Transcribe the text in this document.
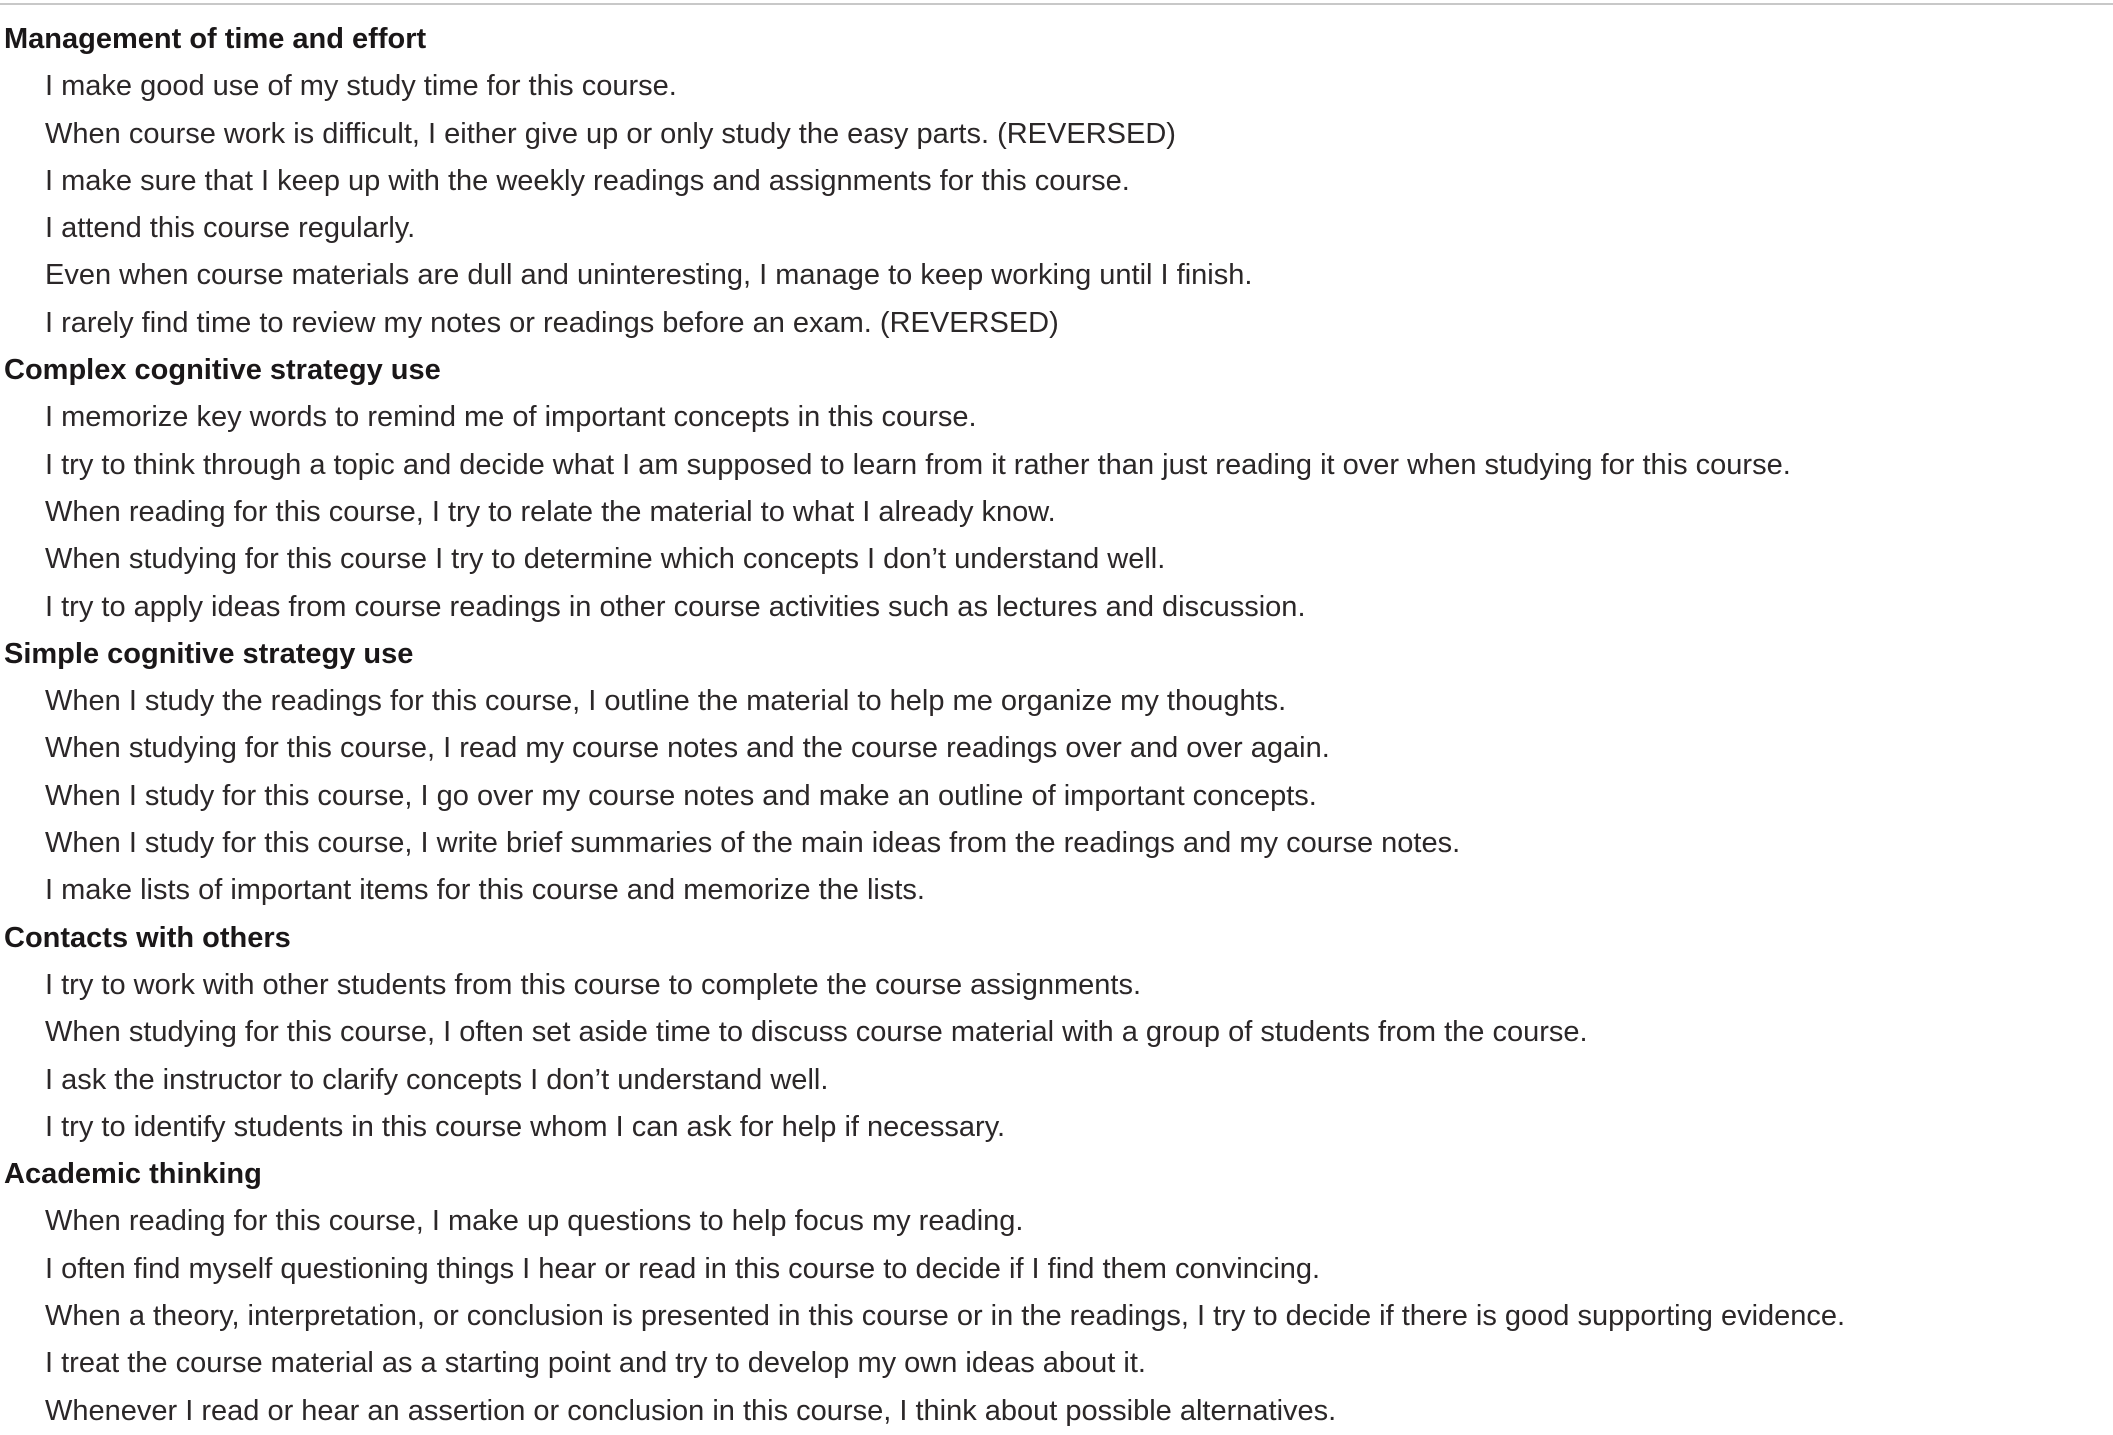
Management of time and effort
I make good use of my study time for this course.
When course work is difficult, I either give up or only study the easy parts. (REVERSED)
I make sure that I keep up with the weekly readings and assignments for this course.
I attend this course regularly.
Even when course materials are dull and uninteresting, I manage to keep working until I finish.
I rarely find time to review my notes or readings before an exam. (REVERSED)
Complex cognitive strategy use
I memorize key words to remind me of important concepts in this course.
I try to think through a topic and decide what I am supposed to learn from it rather than just reading it over when studying for this course.
When reading for this course, I try to relate the material to what I already know.
When studying for this course I try to determine which concepts I don’t understand well.
I try to apply ideas from course readings in other course activities such as lectures and discussion.
Simple cognitive strategy use
When I study the readings for this course, I outline the material to help me organize my thoughts.
When studying for this course, I read my course notes and the course readings over and over again.
When I study for this course, I go over my course notes and make an outline of important concepts.
When I study for this course, I write brief summaries of the main ideas from the readings and my course notes.
I make lists of important items for this course and memorize the lists.
Contacts with others
I try to work with other students from this course to complete the course assignments.
When studying for this course, I often set aside time to discuss course material with a group of students from the course.
I ask the instructor to clarify concepts I don’t understand well.
I try to identify students in this course whom I can ask for help if necessary.
Academic thinking
When reading for this course, I make up questions to help focus my reading.
I often find myself questioning things I hear or read in this course to decide if I find them convincing.
When a theory, interpretation, or conclusion is presented in this course or in the readings, I try to decide if there is good supporting evidence.
I treat the course material as a starting point and try to develop my own ideas about it.
Whenever I read or hear an assertion or conclusion in this course, I think about possible alternatives.
